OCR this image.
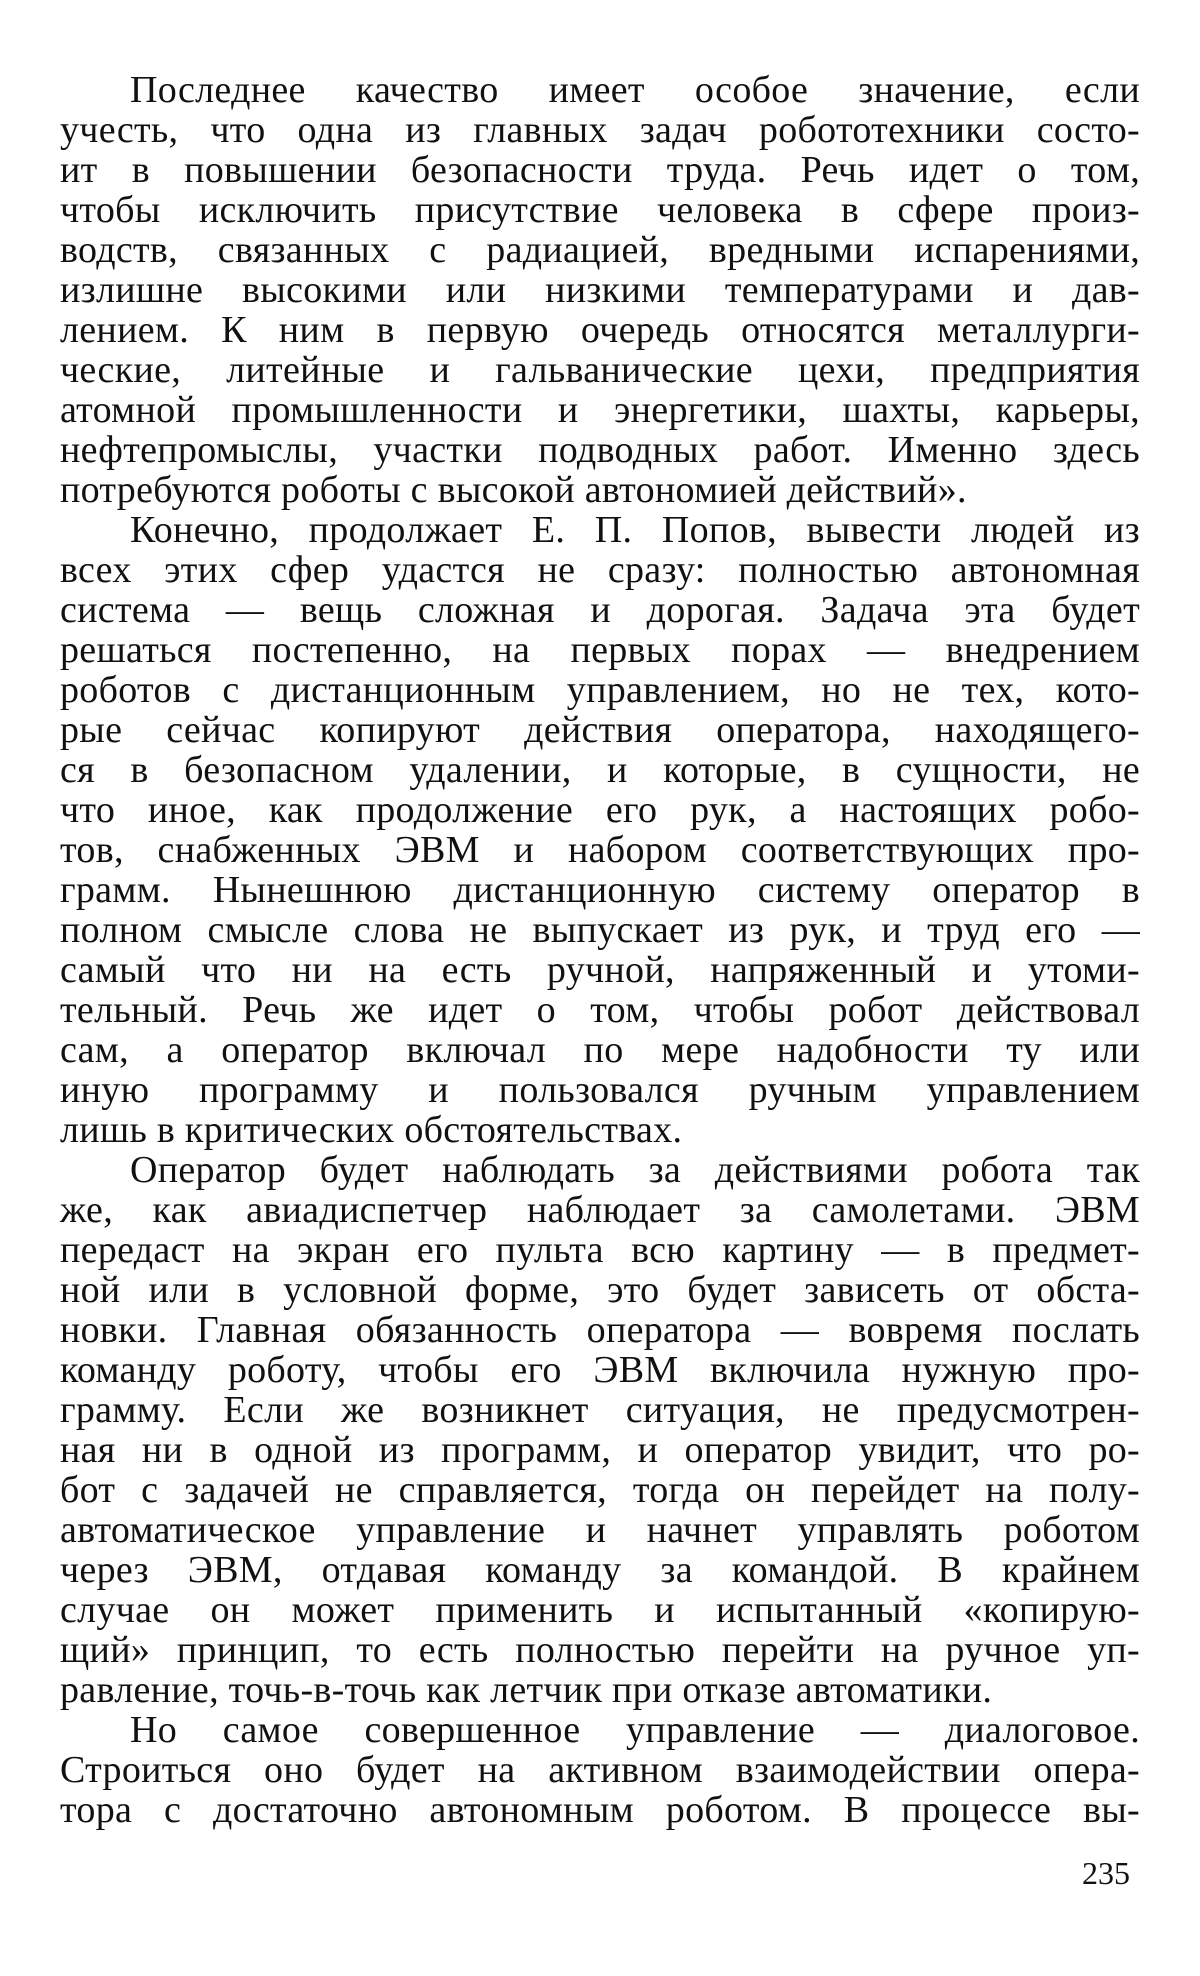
Последнее качество имеет особое значение, если
учесть, что одна из главных задач робототехники состо-
ит в повышении безопасности труда. Речь идет о том,
чтобы исключить присутствие человека в сфере произ-
водств, связанных с радиацией, вредными испарениями,
излишне высокими или низкими температурами и дав-
лением. К ним в первую очередь относятся металлурги-
ческие, литейные и гальванические цехи, предприятия
атомной промышленности и энергетики, шахты, карьеры,
нефтепромыслы, участки подводных работ. Именно здесь
потребуются роботы с высокой автономией действий».
Конечно, продолжает Е. П. Попов, вывести людей из
всех этих сфер удастся не сразу: полностью автономная
система — вещь сложная и дорогая. Задача эта будет
решаться постепенно, на первых порах — внедрением
роботов с дистанционным управлением, но не тех, кото-
рые сейчас копируют действия оператора, находящего-
ся в безопасном удалении, и которые, в сущности, не
что иное, как продолжение его рук, а настоящих робо-
тов, снабженных ЭВМ и набором соответствующих про-
грамм. Нынешнюю дистанционную систему оператор в
полном смысле слова не выпускает из рук, и труд его —
самый что ни на есть ручной, напряженный и утоми-
тельный. Речь же идет о том, чтобы робот действовал
сам, а оператор включал по мере надобности ту или
иную программу и пользовался ручным управлением
лишь в критических обстоятельствах.
Оператор будет наблюдать за действиями робота так
же, как авиадиспетчер наблюдает за самолетами. ЭВМ
передаст на экран его пульта всю картину — в предмет-
ной или в условной форме, это будет зависеть от обста-
новки. Главная обязанность оператора — вовремя послать
команду роботу, чтобы его ЭВМ включила нужную про-
грамму. Если же возникнет ситуация, не предусмотрен-
ная ни в одной из программ, и оператор увидит, что ро-
бот с задачей не справляется, тогда он перейдет на полу-
автоматическое управление и начнет управлять роботом
через ЭВМ, отдавая команду за командой. В крайнем
случае он может применить и испытанный «копирую-
щий» принцип, то есть полностью перейти на ручное уп-
равление, точь-в-точь как летчик при отказе автоматики.
Но самое совершенное управление — диалоговое.
Строиться оно будет на активном взаимодействии опера-
тора с достаточно автономным роботом. В процессе вы-
235
